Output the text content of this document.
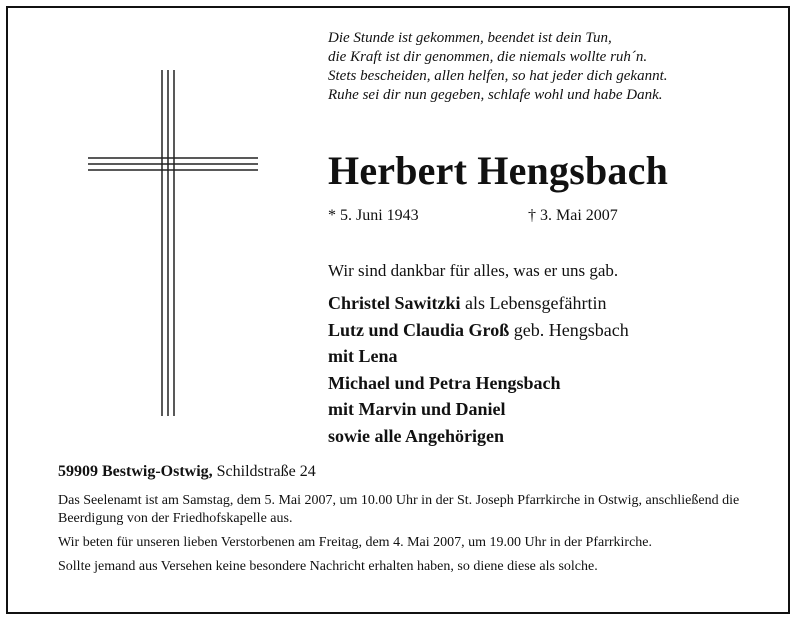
Die Stunde ist gekommen, beendet ist dein Tun,
die Kraft ist dir genommen, die niemals wollte ruh´n.
Stets bescheiden, allen helfen, so hat jeder dich gekannt.
Ruhe sei dir nun gegeben, schlafe wohl und habe Dank.
Herbert Hengsbach
* 5. Juni 1943	† 3. Mai 2007
Wir sind dankbar für alles, was er uns gab.
Christel Sawitzki als Lebensgefährtin
Lutz und Claudia Groß geb. Hengsbach
mit Lena
Michael und Petra Hengsbach
mit Marvin und Daniel
sowie alle Angehörigen
59909 Bestwig-Ostwig, Schildstraße 24

Das Seelenamt ist am Samstag, dem 5. Mai 2007, um 10.00 Uhr in der St. Joseph Pfarrkirche in Ostwig, anschließend die Beerdigung von der Friedhofskapelle aus.

Wir beten für unseren lieben Verstorbenen am Freitag, dem 4. Mai 2007, um 19.00 Uhr in der Pfarrkirche.

Sollte jemand aus Versehen keine besondere Nachricht erhalten haben, so diene diese als solche.
